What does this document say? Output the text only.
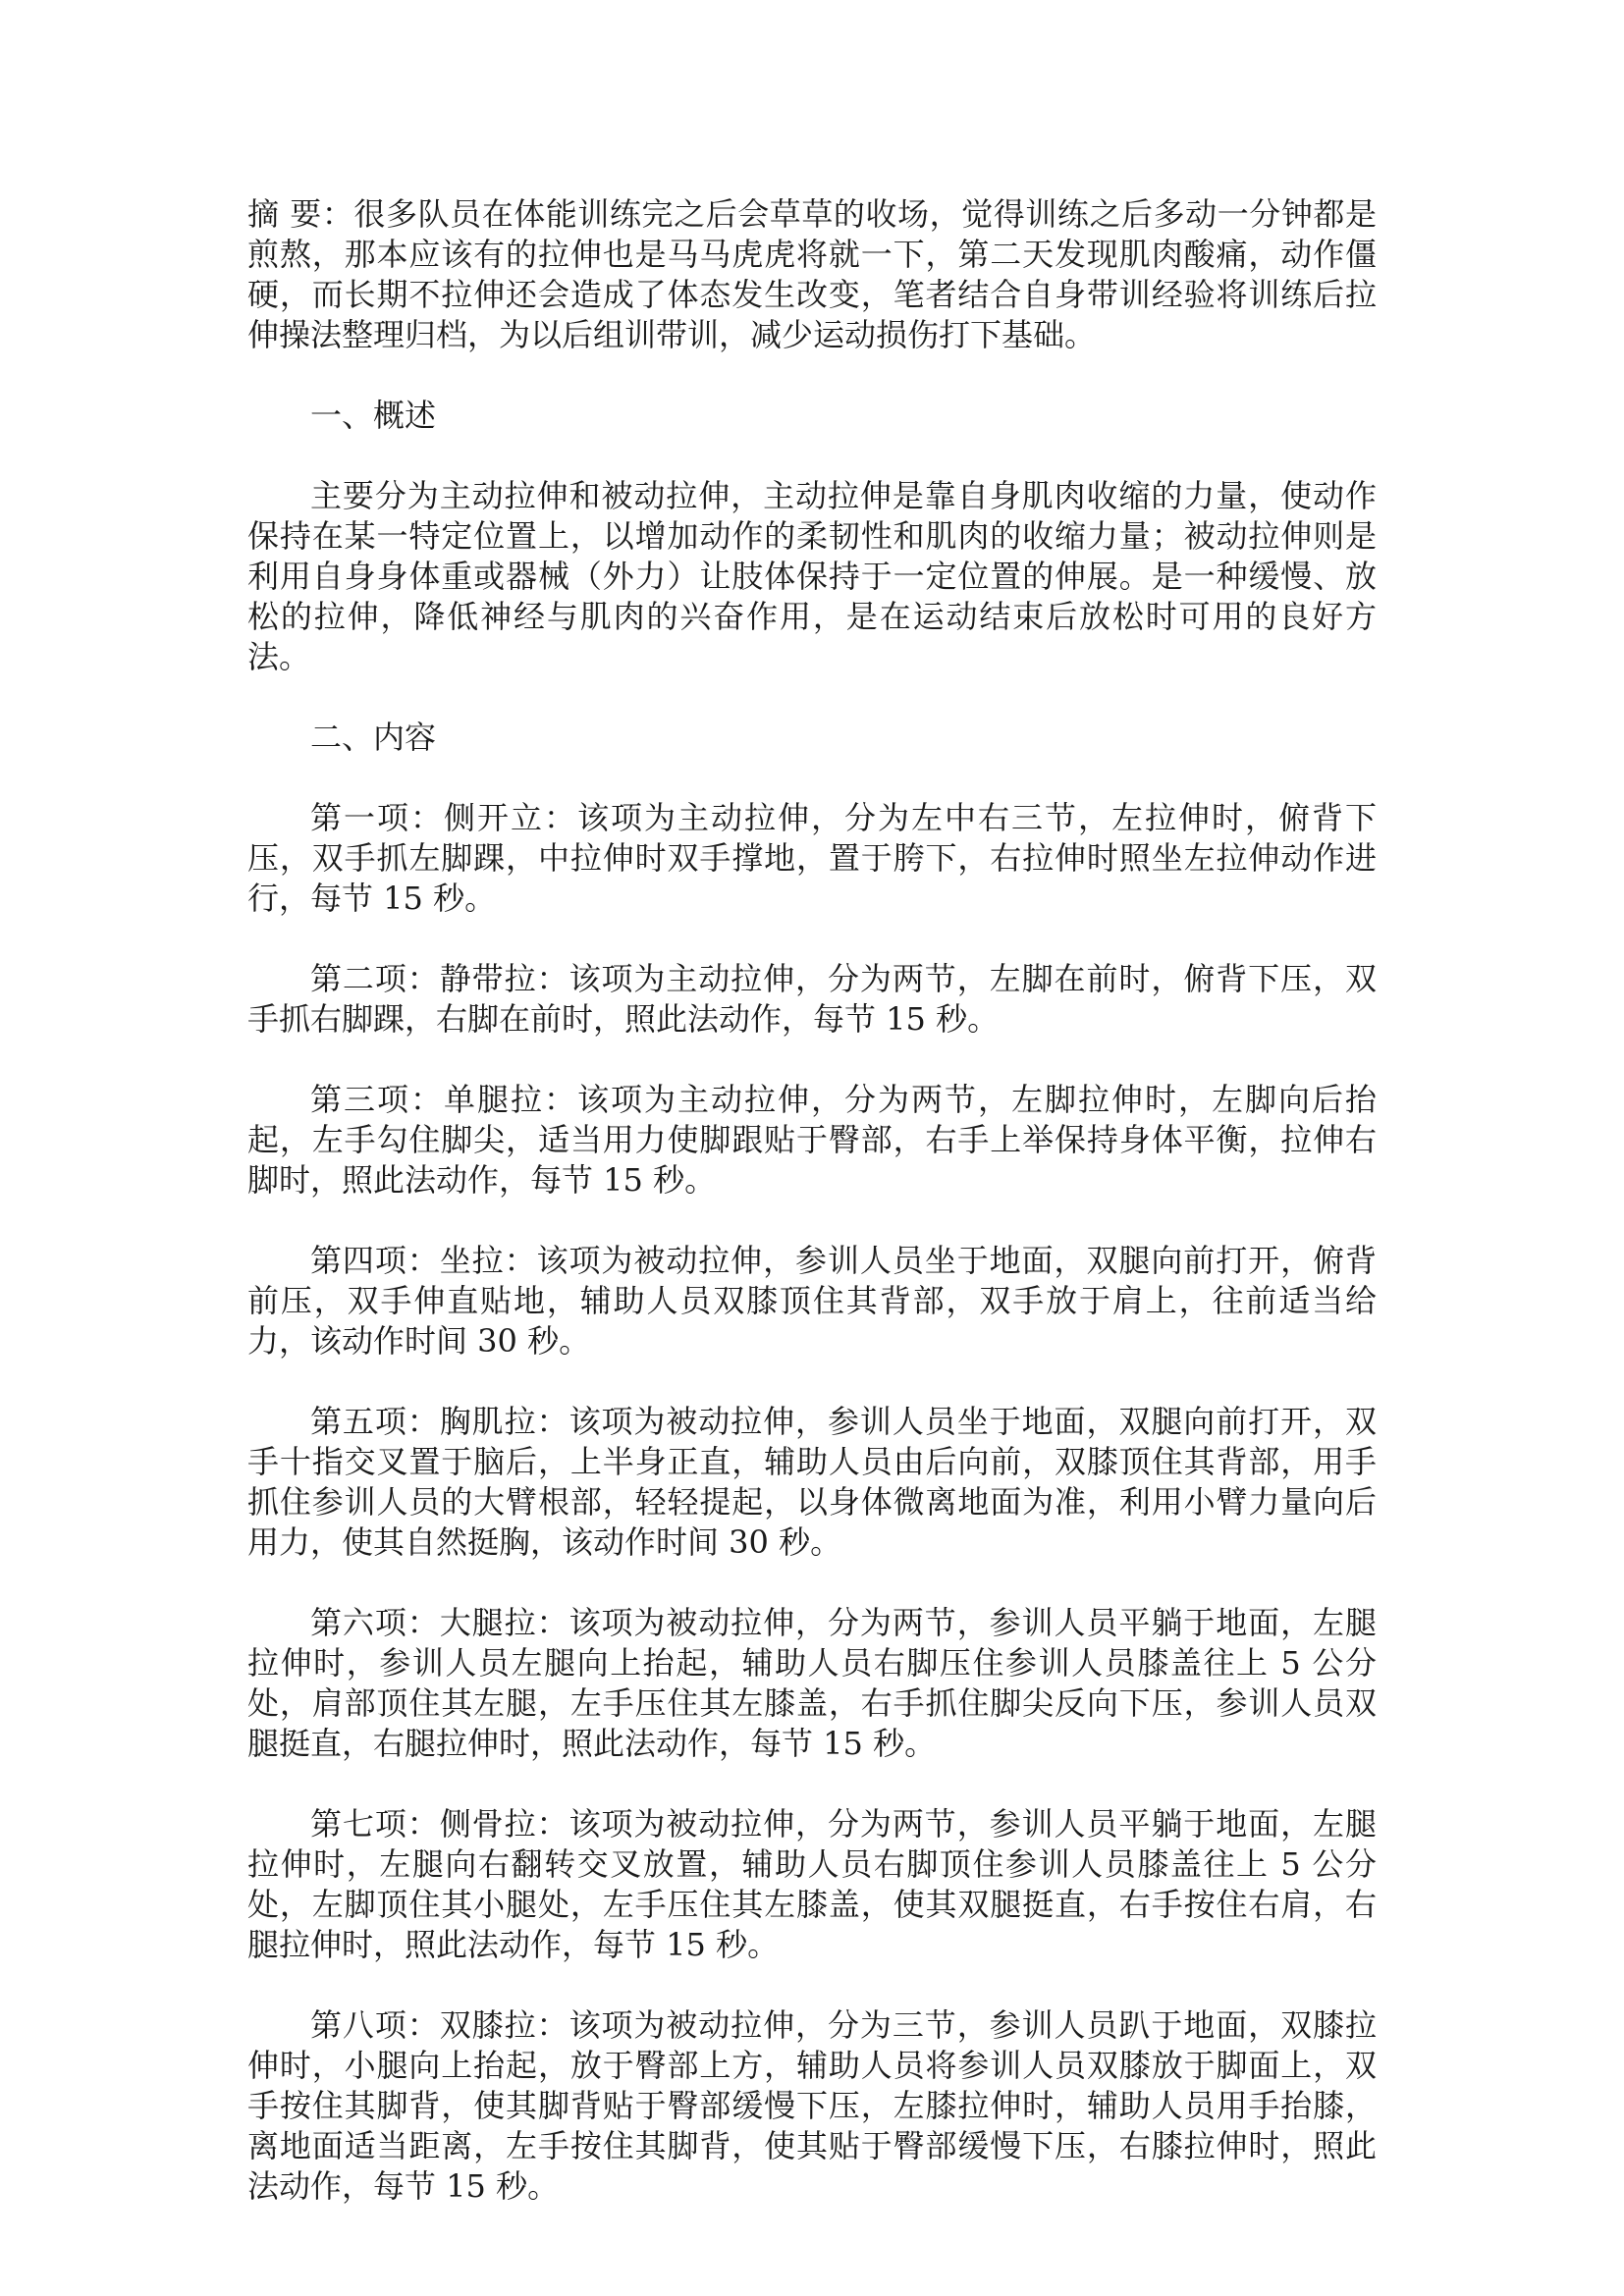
摘 要：很多队员在体能训练完之后会草草的收场，觉得训练之后多动一分钟都是煎熬，那本应该有的拉伸也是马马虎虎将就一下，第二天发现肌肉酸痛，动作僵硬，而长期不拉伸还会造成了体态发生改变，笔者结合自身带训经验将训练后拉伸操法整理归档，为以后组训带训，减少运动损伤打下基础。

一、概述

主要分为主动拉伸和被动拉伸，主动拉伸是靠自身肌肉收缩的力量，使动作保持在某一特定位置上，以增加动作的柔韧性和肌肉的收缩力量；被动拉伸则是利用自身身体重或器械（外力）让肢体保持于一定位置的伸展。是一种缓慢、放松的拉伸，降低神经与肌肉的兴奋作用，是在运动结束后放松时可用的良好方法。

二、内容

第一项：侧开立：该项为主动拉伸，分为左中右三节，左拉伸时，俯背下压，双手抓左脚踝，中拉伸时双手撑地，置于胯下，右拉伸时照坐左拉伸动作进行，每节 15 秒。

第二项：静带拉：该项为主动拉伸，分为两节，左脚在前时，俯背下压，双手抓右脚踝，右脚在前时，照此法动作，每节 15 秒。

第三项：单腿拉：该项为主动拉伸，分为两节，左脚拉伸时，左脚向后抬起，左手勾住脚尖，适当用力使脚跟贴于臀部，右手上举保持身体平衡，拉伸右脚时，照此法动作，每节 15 秒。

第四项：坐拉：该项为被动拉伸，参训人员坐于地面，双腿向前打开，俯背前压，双手伸直贴地，辅助人员双膝顶住其背部，双手放于肩上，往前适当给力，该动作时间 30 秒。

第五项：胸肌拉：该项为被动拉伸，参训人员坐于地面，双腿向前打开，双手十指交叉置于脑后，上半身正直，辅助人员由后向前，双膝顶住其背部，用手抓住参训人员的大臂根部，轻轻提起，以身体微离地面为准，利用小臂力量向后用力，使其自然挺胸，该动作时间 30 秒。

第六项：大腿拉：该项为被动拉伸，分为两节，参训人员平躺于地面，左腿拉伸时，参训人员左腿向上抬起，辅助人员右脚压住参训人员膝盖往上 5 公分处，肩部顶住其左腿，左手压住其左膝盖，右手抓住脚尖反向下压，参训人员双腿挺直，右腿拉伸时，照此法动作，每节 15 秒。

第七项：侧骨拉：该项为被动拉伸，分为两节，参训人员平躺于地面，左腿拉伸时，左腿向右翻转交叉放置，辅助人员右脚顶住参训人员膝盖往上 5 公分处，左脚顶住其小腿处，左手压住其左膝盖，使其双腿挺直，右手按住右肩，右腿拉伸时，照此法动作，每节 15 秒。

第八项：双膝拉：该项为被动拉伸，分为三节，参训人员趴于地面，双膝拉伸时，小腿向上抬起，放于臀部上方，辅助人员将参训人员双膝放于脚面上，双手按住其脚背，使其脚背贴于臀部缓慢下压，左膝拉伸时，辅助人员用手抬膝，离地面适当距离，左手按住其脚背，使其贴于臀部缓慢下压，右膝拉伸时，照此法动作，每节 15 秒。
